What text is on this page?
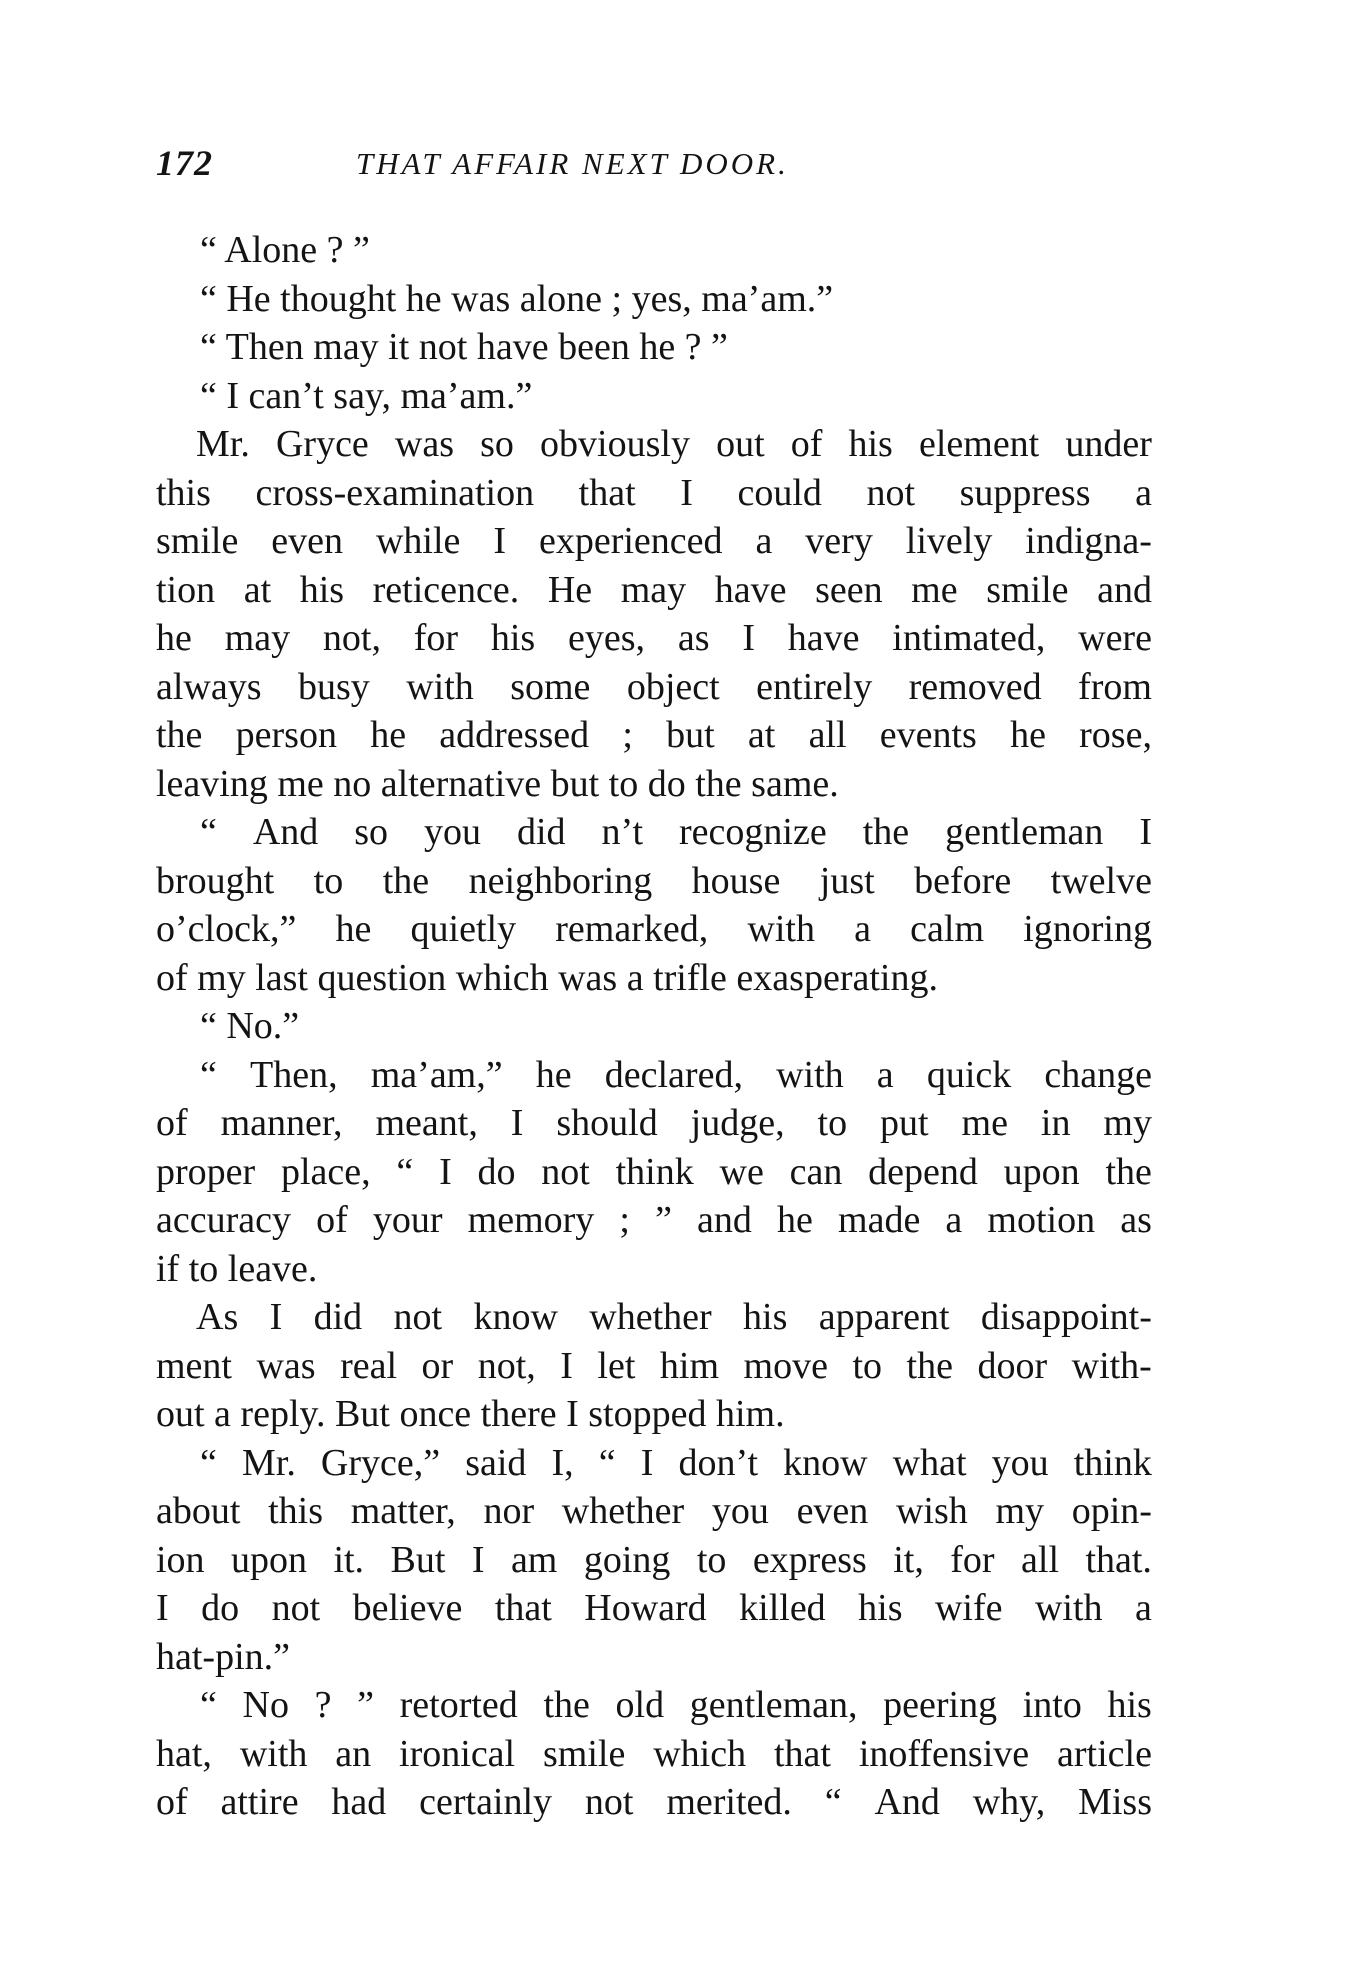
172	THAT AFFAIR NEXT DOOR.
“ Alone ? ”
“ He thought he was alone ; yes, ma’am.”
“ Then may it not have been he ? ”
“ I can’t say, ma’am.”
Mr. Gryce was so obviously out of his element under
this cross-examination that I could not suppress a
smile even while I experienced a very lively indigna-
tion at his reticence. He may have seen me smile and
he may not, for his eyes, as I have intimated, were
always busy with some object entirely removed from
the person he addressed ; but at all events he rose,
leaving me no alternative but to do the same.
“ And so you did n’t recognize the gentleman I
brought to the neighboring house just before twelve
o’clock,” he quietly remarked, with a calm ignoring
of my last question which was a trifle exasperating.
“ No.”
“ Then, ma’am,” he declared, with a quick change
of manner, meant, I should judge, to put me in my
proper place, “ I do not think we can depend upon the
accuracy of your memory ; ” and he made a motion as
if to leave.
As I did not know whether his apparent disappoint-
ment was real or not, I let him move to the door with-
out a reply. But once there I stopped him.
“ Mr. Gryce,” said I, “ I don’t know what you think
about this matter, nor whether you even wish my opin-
ion upon it. But I am going to express it, for all that.
I do not believe that Howard killed his wife with a
hat-pin.”
“ No ? ” retorted the old gentleman, peering into his
hat, with an ironical smile which that inoffensive article
of attire had certainly not merited. “ And why, Miss
